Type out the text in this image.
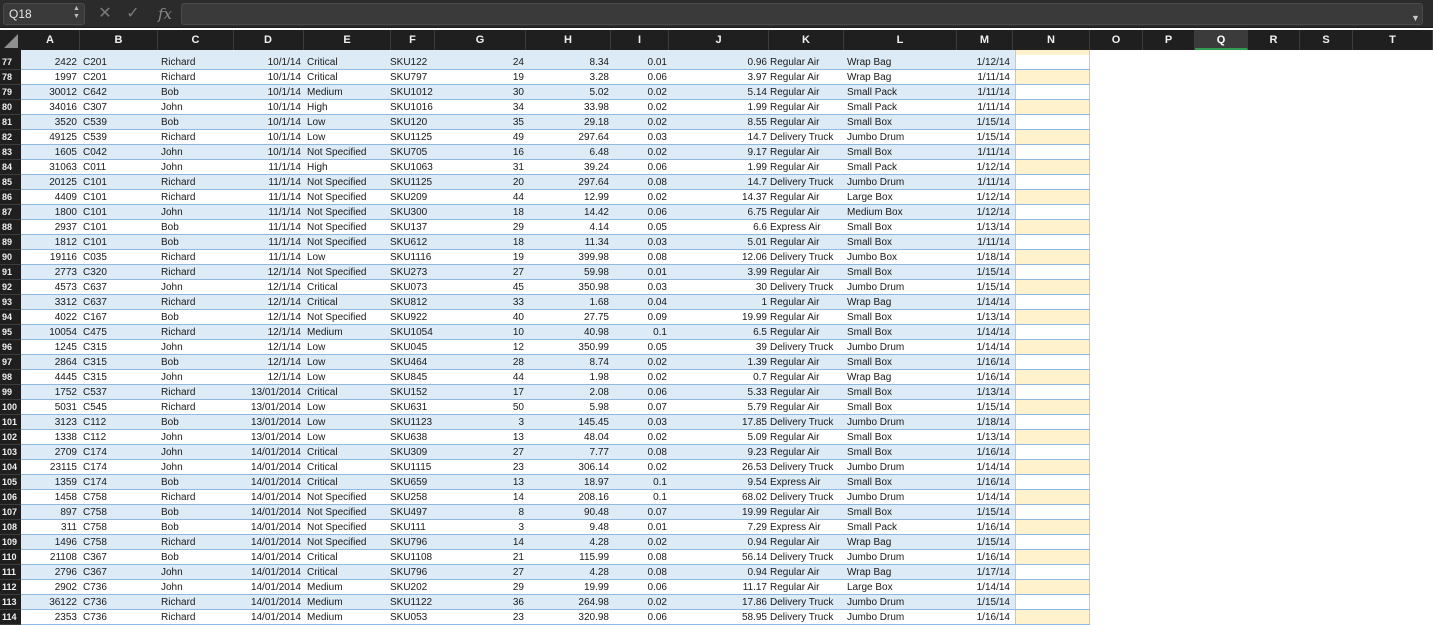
Q18	▲
▼ ✕ ✓ fx	▼
A	B	C	D	E	F	G	H	I	J	K	L	M	N	O	P	Q	R	S	T
77
78
79
80
81
82
83
84
85
86
87
88
89
90
91
92
93
94
95
96
97
98
99
100
101
102
103
104
105
106
107
108
109
110
111
112
113
114
2422 C201	Richard	10/1/14 Critical	SKU122	24	8.34	0.01	0.96 Regular Air	Wrap Bag	1/12/14
1997 C201	Richard	10/1/14 Critical	SKU797	19	3.28	0.06	3.97 Regular Air	Wrap Bag	1/11/14
30012 C642	Bob	10/1/14 Medium	SKU1012	30	5.02	0.02	5.14 Regular Air	Small Pack	1/11/14
34016 C307	John	10/1/14 High	SKU1016	34	33.98	0.02	1.99 Regular Air	Small Pack	1/11/14
3520 C539	Bob	10/1/14 Low	SKU120	35	29.18	0.02	8.55 Regular Air	Small Box	1/15/14
49125 C539	Richard	10/1/14 Low	SKU1125	49	297.64	0.03	14.7 Delivery Truck	Jumbo Drum	1/15/14
1605 C042	John	10/1/14 Not Specified	SKU705	16	6.48	0.02	9.17 Regular Air	Small Box	1/11/14
31063 C011	John	11/1/14 High	SKU1063	31	39.24	0.06	1.99 Regular Air	Small Pack	1/12/14
20125 C101	Richard	11/1/14 Not Specified	SKU1125	20	297.64	0.08	14.7 Delivery Truck	Jumbo Drum	1/11/14
4409 C101	Richard	11/1/14 Not Specified	SKU209	44	12.99	0.02	14.37 Regular Air	Large Box	1/12/14
1800 C101	John	11/1/14 Not Specified	SKU300	18	14.42	0.06	6.75 Regular Air	Medium Box	1/12/14
2937 C101	Bob	11/1/14 Not Specified	SKU137	29	4.14	0.05	6.6 Express Air	Small Box	1/13/14
1812 C101	Bob	11/1/14 Not Specified	SKU612	18	11.34	0.03	5.01 Regular Air	Small Box	1/11/14
19116 C035	Richard	11/1/14 Low	SKU1116	19	399.98	0.08	12.06 Delivery Truck	Jumbo Box	1/18/14
2773 C320	Richard	12/1/14 Not Specified	SKU273	27	59.98	0.01	3.99 Regular Air	Small Box	1/15/14
4573 C637	John	12/1/14 Critical	SKU073	45	350.98	0.03	30 Delivery Truck	Jumbo Drum	1/15/14
3312 C637	Richard	12/1/14 Critical	SKU812	33	1.68	0.04	1 Regular Air	Wrap Bag	1/14/14
4022 C167	Bob	12/1/14 Not Specified	SKU922	40	27.75	0.09	19.99 Regular Air	Small Box	1/13/14
10054 C475	Richard	12/1/14 Medium	SKU1054	10	40.98	0.1	6.5 Regular Air	Small Box	1/14/14
1245 C315	John	12/1/14 Low	SKU045	12	350.99	0.05	39 Delivery Truck	Jumbo Drum	1/14/14
2864 C315	Bob	12/1/14 Low	SKU464	28	8.74	0.02	1.39 Regular Air	Small Box	1/16/14
4445 C315	John	12/1/14 Low	SKU845	44	1.98	0.02	0.7 Regular Air	Wrap Bag	1/16/14
1752 C537	Richard	13/01/2014 Critical	SKU152	17	2.08	0.06	5.33 Regular Air	Small Box	1/13/14
5031 C545	Richard	13/01/2014 Low	SKU631	50	5.98	0.07	5.79 Regular Air	Small Box	1/15/14
3123 C112	Bob	13/01/2014 Low	SKU1123	3	145.45	0.03	17.85 Delivery Truck	Jumbo Drum	1/18/14
1338 C112	John	13/01/2014 Low	SKU638	13	48.04	0.02	5.09 Regular Air	Small Box	1/13/14
2709 C174	John	14/01/2014 Critical	SKU309	27	7.77	0.08	9.23 Regular Air	Small Box	1/16/14
23115 C174	John	14/01/2014 Critical	SKU1115	23	306.14	0.02	26.53 Delivery Truck	Jumbo Drum	1/14/14
1359 C174	Bob	14/01/2014 Critical	SKU659	13	18.97	0.1	9.54 Express Air	Small Box	1/16/14
1458 C758	Richard	14/01/2014 Not Specified	SKU258	14	208.16	0.1	68.02 Delivery Truck	Jumbo Drum	1/14/14
897 C758	Bob	14/01/2014 Not Specified	SKU497	8	90.48	0.07	19.99 Regular Air	Small Box	1/15/14
311 C758	Bob	14/01/2014 Not Specified	SKU111	3	9.48	0.01	7.29 Express Air	Small Pack	1/16/14
1496 C758	Richard	14/01/2014 Not Specified	SKU796	14	4.28	0.02	0.94 Regular Air	Wrap Bag	1/15/14
21108 C367	Bob	14/01/2014 Critical	SKU1108	21	115.99	0.08	56.14 Delivery Truck	Jumbo Drum	1/16/14
2796 C367	John	14/01/2014 Critical	SKU796	27	4.28	0.08	0.94 Regular Air	Wrap Bag	1/17/14
2902 C736	John	14/01/2014 Medium	SKU202	29	19.99	0.06	11.17 Regular Air	Large Box	1/14/14
36122 C736	Richard	14/01/2014 Medium	SKU1122	36	264.98	0.02	17.86 Delivery Truck	Jumbo Drum	1/15/14
2353 C736	Richard	14/01/2014 Medium	SKU053	23	320.98	0.06	58.95 Delivery Truck	Jumbo Drum	1/16/14
